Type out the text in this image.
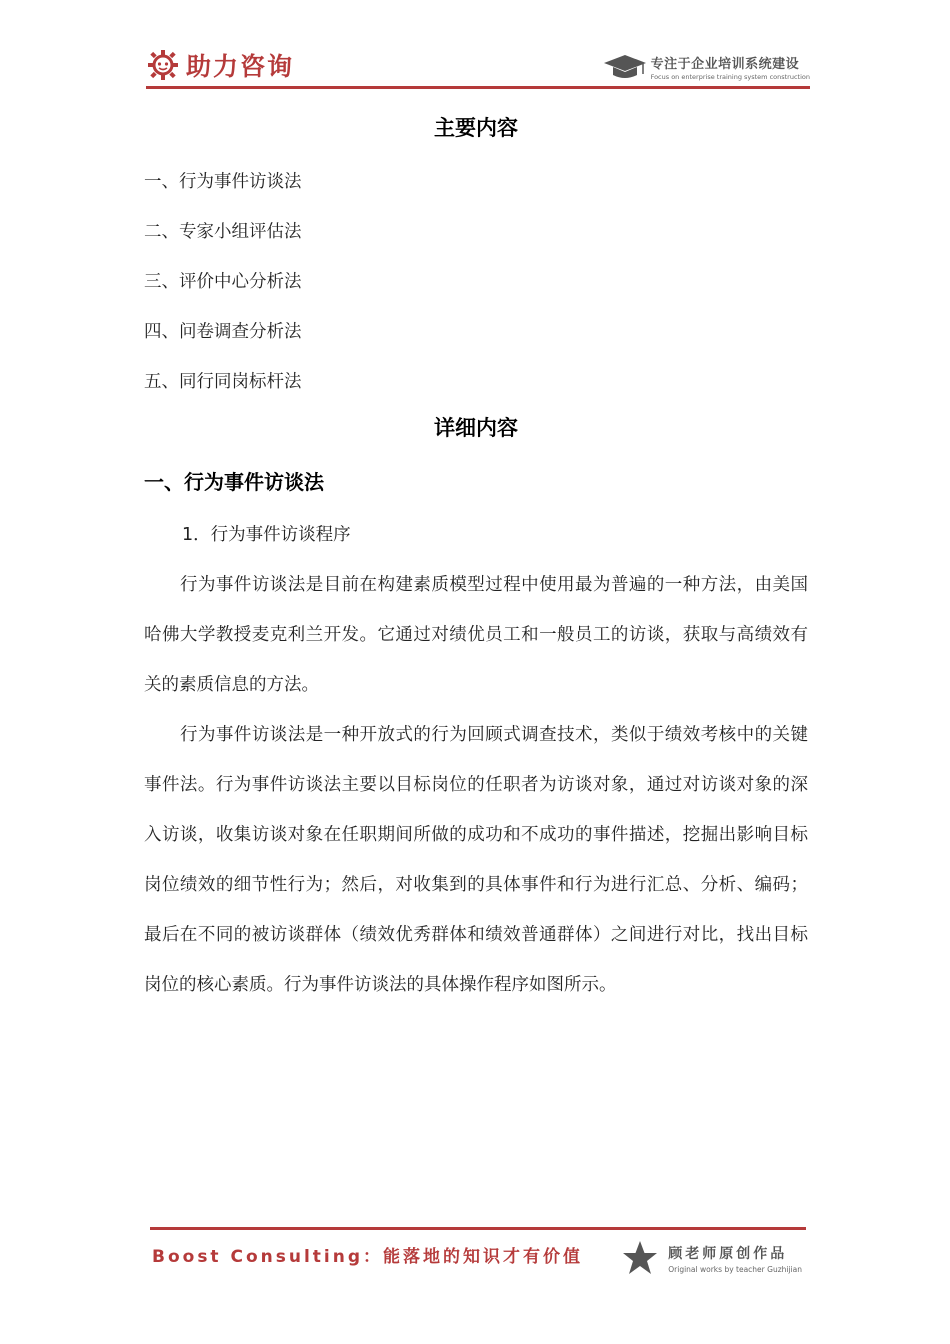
助力咨询	专注于企业培训系统建设
Focus on enterprise training system construction
主要内容
一、行为事件访谈法
二、专家小组评估法
三、评价中心分析法
四、问卷调查分析法
五、同行同岗标杆法
详细内容
一、行为事件访谈法
1．行为事件访谈程序

行为事件访谈法是目前在构建素质模型过程中使用最为普遍的一种方法，由美国哈佛大学教授麦克利兰开发。它通过对绩优员工和一般员工的访谈，获取与高绩效有关的素质信息的方法。

行为事件访谈法是一种开放式的行为回顾式调查技术，类似于绩效考核中的关键事件法。行为事件访谈法主要以目标岗位的任职者为访谈对象，通过对访谈对象的深入访谈，收集访谈对象在任职期间所做的成功和不成功的事件描述，挖掘出影响目标岗位绩效的细节性行为；然后，对收集到的具体事件和行为进行汇总、分析、编码；最后在不同的被访谈群体（绩效优秀群体和绩效普通群体）之间进行对比，找出目标岗位的核心素质。行为事件访谈法的具体操作程序如图所示。

Boost Consulting：能落地的知识才有价值	顾老师原创作品
Original works by teacher Guzhijian
